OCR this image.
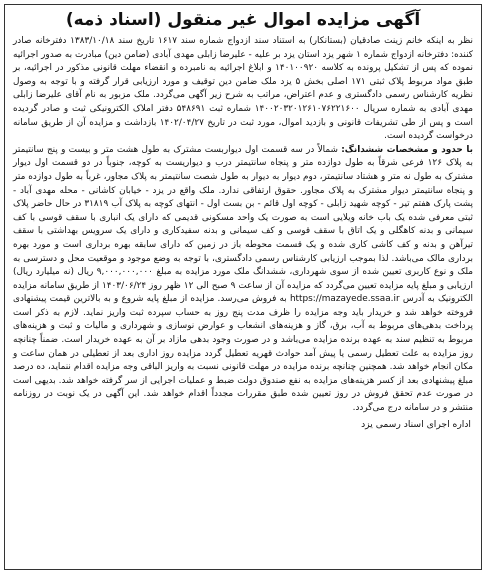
آگهی مزایده اموال غیر منقول (اسناد ذمه)

نظر به اینکه خانم زینت صادقیان (بستانکار) به استناد سند ازدواج شماره سند ۱۶۱۷ تاریخ سند ۱۳۸۳/۱۰/۱۸ دفترخانه صادر کننده: دفترخانه ازدواج شماره ۱ شهر یزد استان یزد بر علیه - علیرضا زابلی مهدی آبادی (ضامن دین) مبادرت به صدور اجرائیه نموده که پس از تشکیل پرونده به کلاسه ۱۴۰۱۰۰۹۲۰ و ابلاغ اجرائیه به نامبرده و انقضاء مهلت قانونی مذکور در اجرائیه، بر طبق مواد مربوط پلاک ثبتی ۱۷۱ اصلی بخش ۵ یزد ملک ضامن دین توقیف و مورد ارزیابی قرار گرفته و با توجه به وصول نظریه کارشناس رسمی دادگستری و عدم اعتراض، مراتب به شرح زیر آگهی می‌گردد. ملک مزبور به نام آقای علیرضا زابلی مهدی آبادی به شماره سریال ۱۴۰۰۲۰۳۲۰۱۲۶۱۰۷۶۲۲۱۶۰۰ شماره ثبت ۵۴۸۶۹۱ دفتر املاک الکترونیکی ثبت و صادر گردیده است و پس از طی تشریفات قانونی و بازدید اموال، مورد ثبت در تاریخ ۱۴۰۲/۰۴/۲۷ بازداشت و مزایده آن از طریق سامانه درخواست گردیده است.

با حدود و مشخصات ششدانگ: شمالاً در سه قسمت اول دیواربست مشترک به طول هشت متر و بیست و پنج سانتیمتر به پلاک ۱۲۶ فرعی شرقاً به طول دوازده متر و پنجاه سانتیمتر درب و دیواریست به کوچه، جنوباً در دو قسمت اول دیوار مشترک به طول نه متر و هشتاد سانتیمتر، دوم دیوار به دیوار به طول شصت سانتیمتر به پلاک مجاور، غرباً به طول دوازده متر و پنجاه سانتیمتر دیوار مشترک به پلاک مجاور. حقوق ارتفاقی ندارد. ملک واقع در یزد - خیابان کاشانی - محله مهدی آباد - پشت پارک هفتم تیر - کوچه شهید زابلی - کوچه اول قائم - بن بست اول - انتهای کوچه به پلاک آب ۳۱۸۱۹ در حال حاضر پلاک ثبتی معرفی شده یک باب خانه ویلایی است به صورت یک واحد مسکونی قدیمی که دارای یک انباری با سقف قوسی با کف سیمانی و بدنه کاهگلی و یک اتاق با سقف قوسی و کف سیمانی و بدنه سفیدکاری و دارای یک سرویس بهداشتی با سقف تیرآهن و بدنه و کف کاشی کاری شده و یک قسمت محوطه باز در زمین که دارای سابقه بهره برداری است و مورد بهره برداری مالک می‌باشد. لذا بموجب ارزیابی کارشناس رسمی دادگستری، با توجه به وضع موجود و موقعیت محل و دسترسی به ملک و نوع کاربری تعیین شده از سوی شهرداری، ششدانگ ملک مورد مزایده به مبلغ ۹,۰۰۰,۰۰۰,۰۰۰ ریال (نه میلیارد ریال) ارزیابی و مبلغ پایه مزایده تعیین می‌گردد که مزایده آن از ساعت ۹ صبح الی ۱۲ ظهر روز ۱۴۰۳/۰۶/۲۴ از طریق سامانه مزایده الکترونیک به آدرس https://mazayede.ssaa.ir به فروش می‌رسد. مزایده از مبلغ پایه شروع و به بالاترین قیمت پیشنهادی فروخته خواهد شد و خریدار باید وجه مزایده را ظرف مدت پنج روز به حساب سپرده ثبت واریز نماید. لازم به ذکر است پرداخت بدهی‌های مربوط به آب، برق، گاز و هزینه‌های انشعاب و عوارض نوسازی و شهرداری و مالیات و ثبت و هزینه‌های مربوط به تنظیم سند به عهده برنده مزایده می‌باشد و در صورت وجود بدهی مازاد بر آن به عهده خریدار است. ضمناً چنانچه روز مزایده به علت تعطیل رسمی یا پیش آمد حوادث قهریه تعطیل گردد مزایده روز اداری بعد از تعطیلی در همان ساعت و مکان انجام خواهد شد. همچنین چنانچه برنده مزایده در مهلت قانونی نسبت به واریز الباقی وجه مزایده اقدام ننماید، ده درصد مبلغ پیشنهادی بعد از کسر هزینه‌های مزایده به نفع صندوق دولت ضبط و عملیات اجرایی از سر گرفته خواهد شد. بدیهی است در صورت عدم تحقق فروش در روز تعیین شده طبق مقررات مجدداً اقدام خواهد شد. این آگهی در یک نوبت در روزنامه منتشر و در سامانه درج می‌گردد.

اداره اجرای اسناد رسمی یزد
